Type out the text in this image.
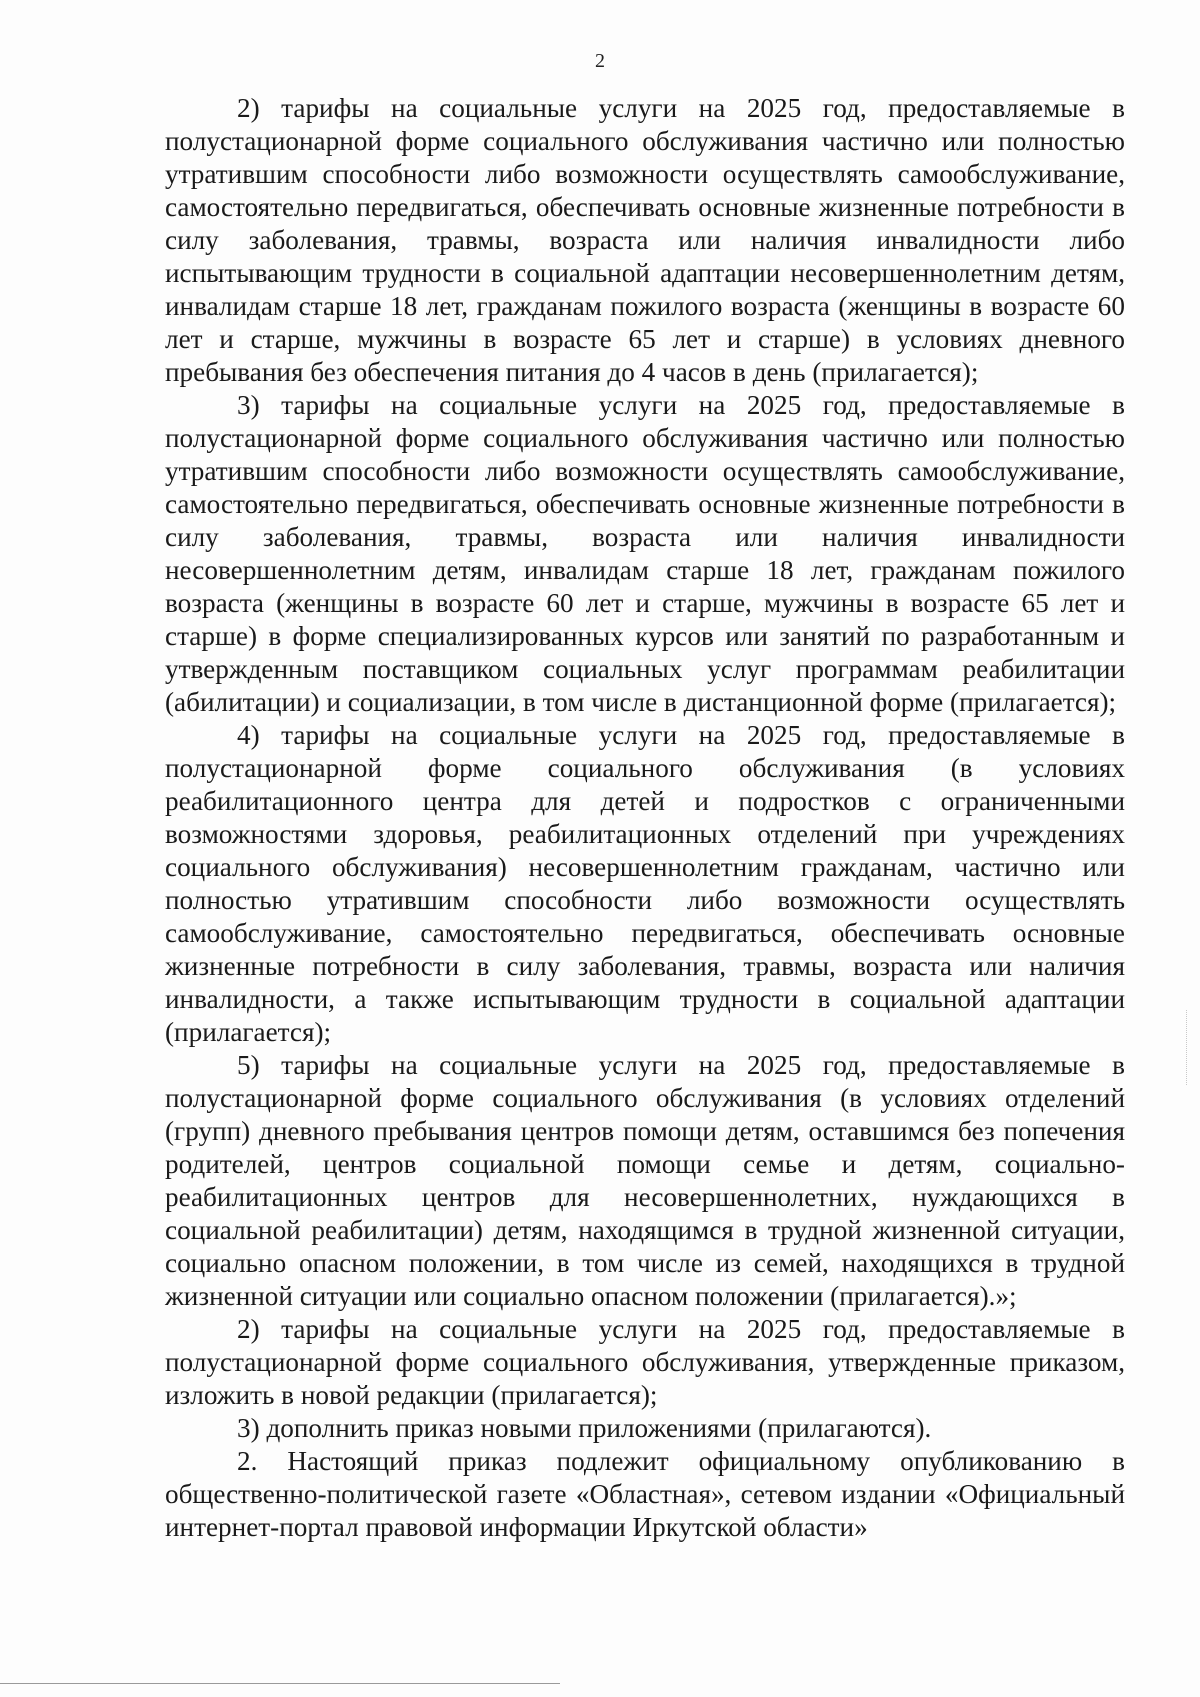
2

2) тарифы на социальные услуги на 2025 год, предоставляемые в полустационарной форме социального обслуживания частично или полностью утратившим способности либо возможности осуществлять самообслуживание, самостоятельно передвигаться, обеспечивать основные жизненные потребности в силу заболевания, травмы, возраста или наличия инвалидности либо испытывающим трудности в социальной адаптации несовершеннолетним детям, инвалидам старше 18 лет, гражданам пожилого возраста (женщины в возрасте 60 лет и старше, мужчины в возрасте 65 лет и старше) в условиях дневного пребывания без обеспечения питания до 4 часов в день (прилагается);

3) тарифы на социальные услуги на 2025 год, предоставляемые в полустационарной форме социального обслуживания частично или полностью утратившим способности либо возможности осуществлять самообслуживание, самостоятельно передвигаться, обеспечивать основные жизненные потребности в силу заболевания, травмы, возраста или наличия инвалидности несовершеннолетним детям, инвалидам старше 18 лет, гражданам пожилого возраста (женщины в возрасте 60 лет и старше, мужчины в возрасте 65 лет и старше) в форме специализированных курсов или занятий по разработанным и утвержденным поставщиком социальных услуг программам реабилитации (абилитации) и социализации, в том числе в дистанционной форме (прилагается);

4) тарифы на социальные услуги на 2025 год, предоставляемые в полустационарной форме социального обслуживания (в условиях реабилитационного центра для детей и подростков с ограниченными возможностями здоровья, реабилитационных отделений при учреждениях социального обслуживания) несовершеннолетним гражданам, частично или полностью утратившим способности либо возможности осуществлять самообслуживание, самостоятельно передвигаться, обеспечивать основные жизненные потребности в силу заболевания, травмы, возраста или наличия инвалидности, а также испытывающим трудности в социальной адаптации (прилагается);

5) тарифы на социальные услуги на 2025 год, предоставляемые в полустационарной форме социального обслуживания (в условиях отделений (групп) дневного пребывания центров помощи детям, оставшимся без попечения родителей, центров социальной помощи семье и детям, социально-реабилитационных центров для несовершеннолетних, нуждающихся в социальной реабилитации) детям, находящимся в трудной жизненной ситуации, социально опасном положении, в том числе из семей, находящихся в трудной жизненной ситуации или социально опасном положении (прилагается).»;

2) тарифы на социальные услуги на 2025 год, предоставляемые в полустационарной форме социального обслуживания, утвержденные приказом, изложить в новой редакции (прилагается);

3) дополнить приказ новыми приложениями (прилагаются).

2. Настоящий приказ подлежит официальному опубликованию в общественно-политической газете «Областная», сетевом издании «Официальный интернет-портал правовой информации Иркутской области»
